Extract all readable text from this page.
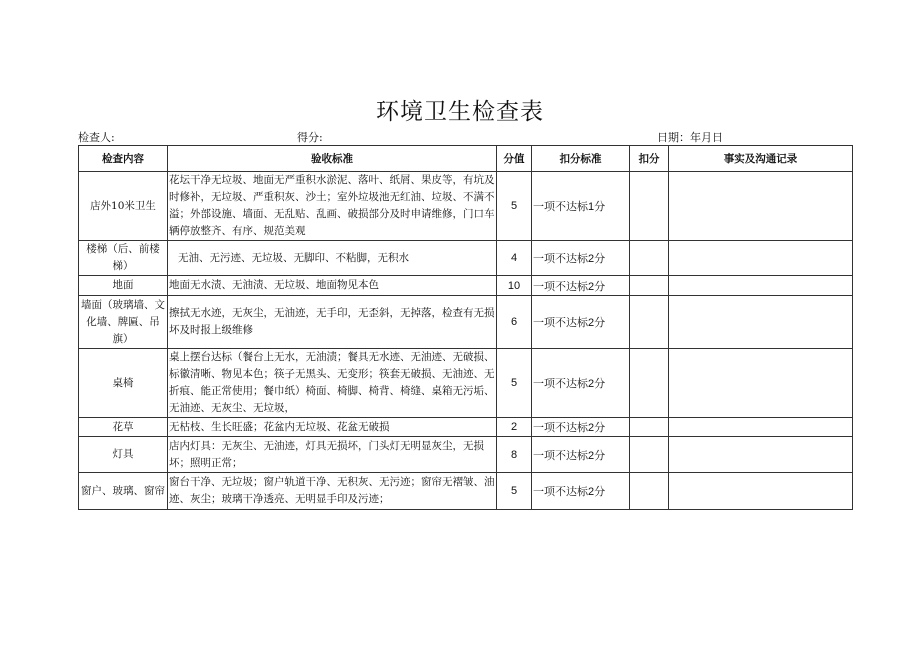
环境卫生检查表
检查人:	得分:	日期：年月日
检查内容	验收标准	分值	扣分标准	扣分	事实及沟通记录
店外10米卫生	花坛干净无垃圾、地面无严重积水淤泥、落叶、纸屑、果皮等，有坑及时修补，无垃圾、严重积灰、沙土；室外垃圾池无红油、垃圾、不满不溢；外部设施、墙面、无乱贴、乱画、破损部分及时申请维修，门口车辆停放整齐、有序、规范美观	5	一项不达标1分		
楼梯（后、前楼梯）	无油、无污迹、无垃圾、无脚印、不粘脚，无积水	4	一项不达标2分		
地面	地面无水渍、无油渍、无垃圾、地面物见本色	10	一项不达标2分		
墙面（玻璃墙、文化墙、牌匾、吊旗）	擦拭无水迹，无灰尘，无油迹，无手印，无歪斜，无掉落，检查有无损坏及时报上级维修	6	一项不达标2分		
桌椅	桌上摆台达标（餐台上无水，无油渍；餐具无水迹、无油迹、无破损、标徽清晰、物见本色；筷子无黑头、无变形；筷套无破损、无油迹、无折痕、能正常使用；餐巾纸）椅面、椅脚、椅背、椅缝、桌箱无污垢、无油迹、无灰尘、无垃圾，	5	一项不达标2分		
花草	无枯枝、生长旺盛；花盆内无垃圾、花盆无破损	2	一项不达标2分		
灯具	店内灯具：无灰尘、无油迹，灯具无损坏，门头灯无明显灰尘，无损坏；照明正常；	8	一项不达标2分		
窗户、玻璃、窗帘	窗台干净、无垃圾；窗户轨道干净、无积灰、无污迹；窗帘无褶皱、油迹、灰尘；玻璃干净透亮、无明显手印及污迹；	5	一项不达标2分		
